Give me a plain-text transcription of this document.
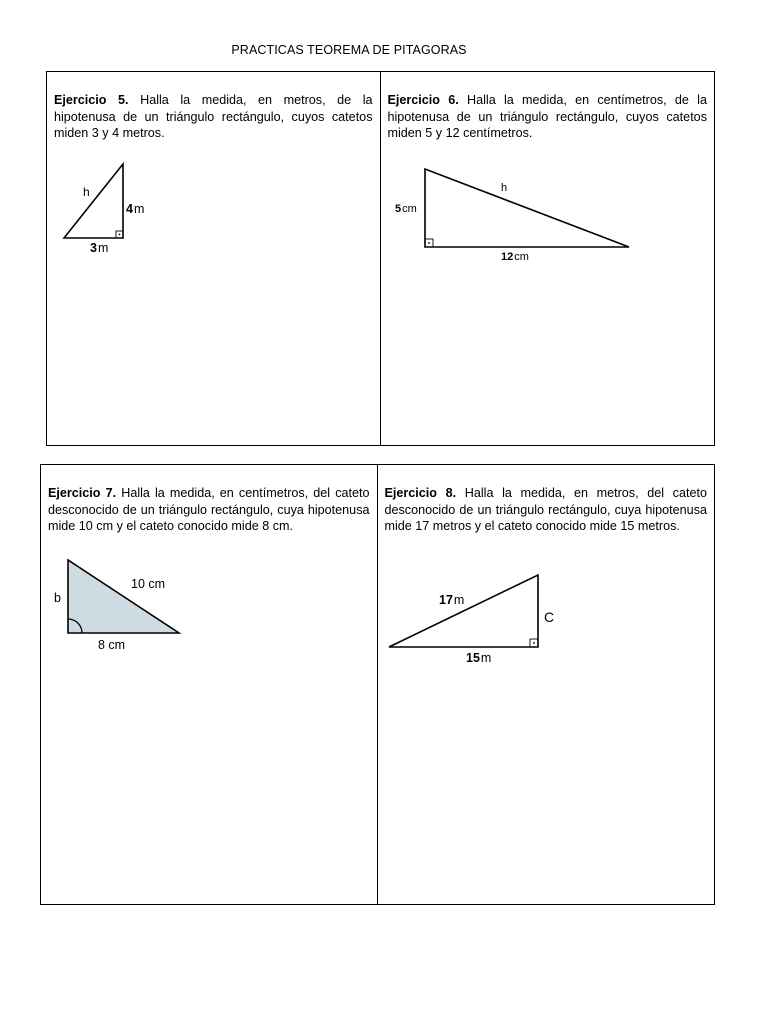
PRACTICAS TEOREMA DE PITAGORAS
Ejercicio 5. Halla la medida, en metros, de la hipotenusa de un triángulo rectángulo, cuyos catetos miden 3 y 4 metros.
h
4m
3m
Ejercicio 6. Halla la medida, en centímetros, de la hipotenusa de un triángulo rectángulo, cuyos catetos miden 5 y 12 centímetros.
h
5cm
12cm
Ejercicio 7. Halla la medida, en centímetros, del cateto desconocido de un triángulo rectángulo, cuya hipotenusa mide 10 cm y el cateto conocido mide 8 cm.
10 cm
b
8 cm
Ejercicio 8. Halla la medida, en metros, del cateto desconocido de un triángulo rectángulo, cuya hipotenusa mide 17 metros y el cateto conocido mide 15 metros.
17m
C
15m
